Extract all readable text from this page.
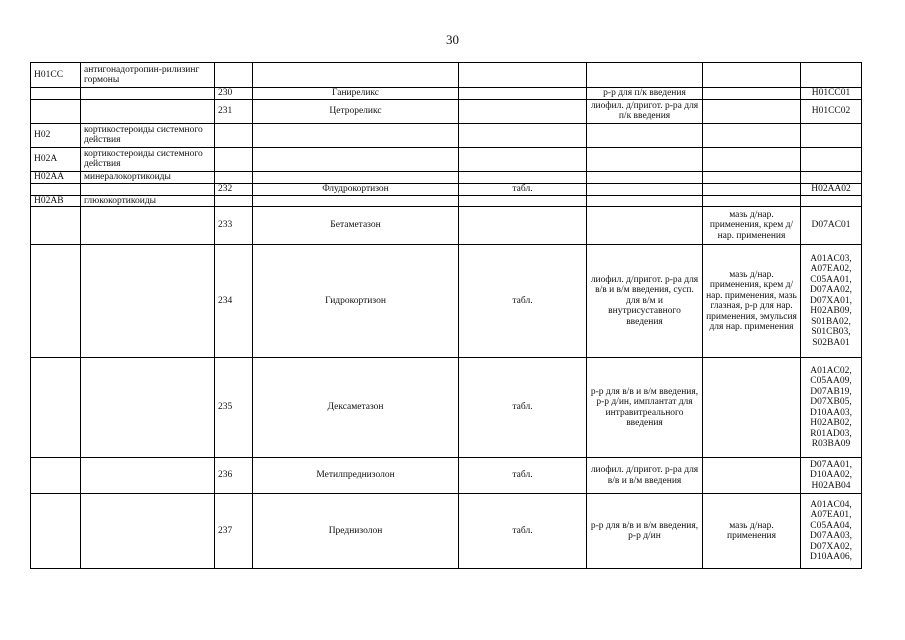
30
H01CC	антигонадотропин-рилизинг гормоны						
		230	Ганиреликс		р-р для п/к введения		H01CC01
		231	Цетрореликс		лиофил. д/пригот. р-ра для п/к введения		H01CC02
H02	кортикостероиды системного действия						
H02A	кортикостероиды системного действия						
H02AA	минералокортикоиды						
		232	Флудрокортизон	табл.			H02AA02
H02AB	глюкокортикоиды						
		233	Бетаметазон			мазь д/нар. применения, крем д/нар. применения	D07AC01
		234	Гидрокортизон	табл.	лиофил. д/пригот. р-ра для в/в и в/м введения, сусп. для в/м и внутрисуставного введения	мазь д/нар. применения, крем д/нар. применения, мазь глазная, р-р для нар. применения, эмульсия для нар. применения	A01AC03, A07EA02, C05AA01, D07AA02, D07XA01, H02AB09, S01BA02, S01CB03, S02BA01
		235	Дексаметазон	табл.	р-р для в/в и в/м введения, р-р д/ин, имплантат для интравитреального введения		A01AC02, C05AA09, D07AB19, D07XB05, D10AA03, H02AB02, R01AD03, R03BA09
		236	Метилпреднизолон	табл.	лиофил. д/пригот. р-ра для в/в и в/м введения		D07AA01, D10AA02, H02AB04
		237	Преднизолон	табл.	р-р для в/в и в/м введения, р-р д/ин	мазь д/нар. применения	A01AC04, A07EA01, C05AA04, D07AA03, D07XA02, D10AA06,
